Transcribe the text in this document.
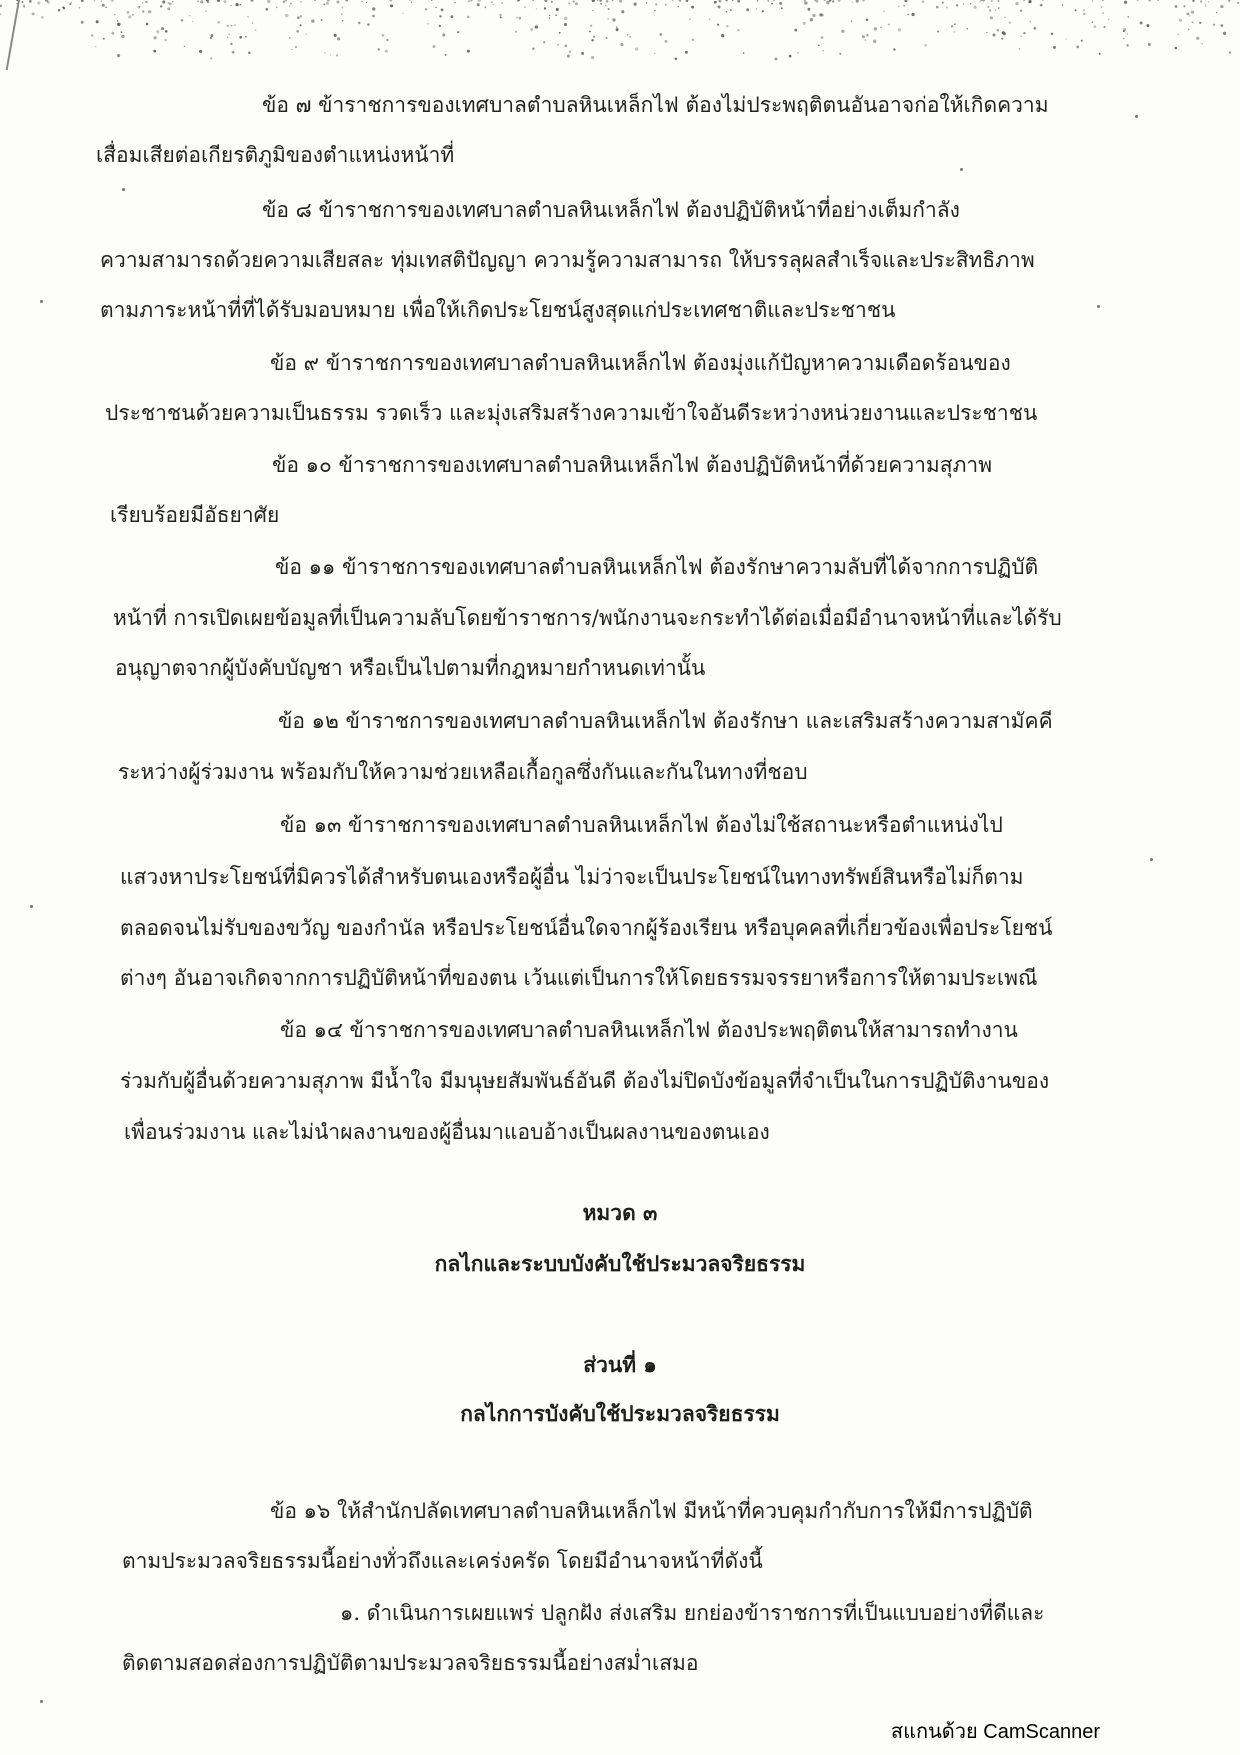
ข้อ ๗ ข้าราชการของเทศบาลตำบลหินเหล็กไฟ ต้องไม่ประพฤติตนอันอาจก่อให้เกิดความ
เสื่อมเสียต่อเกียรติภูมิของตำแหน่งหน้าที่
ข้อ ๘ ข้าราชการของเทศบาลตำบลหินเหล็กไฟ ต้องปฏิบัติหน้าที่อย่างเต็มกำลัง
ความสามารถด้วยความเสียสละ ทุ่มเทสติปัญญา ความรู้ความสามารถ ให้บรรลุผลสำเร็จและประสิทธิภาพ
ตามภาระหน้าที่ที่ได้รับมอบหมาย เพื่อให้เกิดประโยชน์สูงสุดแก่ประเทศชาติและประชาชน
ข้อ ๙ ข้าราชการของเทศบาลตำบลหินเหล็กไฟ ต้องมุ่งแก้ปัญหาความเดือดร้อนของ
ประชาชนด้วยความเป็นธรรม รวดเร็ว และมุ่งเสริมสร้างความเข้าใจอันดีระหว่างหน่วยงานและประชาชน
ข้อ ๑๐ ข้าราชการของเทศบาลตำบลหินเหล็กไฟ ต้องปฏิบัติหน้าที่ด้วยความสุภาพ
เรียบร้อยมีอัธยาศัย
ข้อ ๑๑ ข้าราชการของเทศบาลตำบลหินเหล็กไฟ ต้องรักษาความลับที่ได้จากการปฏิบัติ
หน้าที่ การเปิดเผยข้อมูลที่เป็นความลับโดยข้าราชการ/พนักงานจะกระทำได้ต่อเมื่อมีอำนาจหน้าที่และได้รับ
อนุญาตจากผู้บังคับบัญชา หรือเป็นไปตามที่กฎหมายกำหนดเท่านั้น
ข้อ ๑๒ ข้าราชการของเทศบาลตำบลหินเหล็กไฟ ต้องรักษา และเสริมสร้างความสามัคคี
ระหว่างผู้ร่วมงาน พร้อมกับให้ความช่วยเหลือเกื้อกูลซึ่งกันและกันในทางที่ชอบ
ข้อ ๑๓ ข้าราชการของเทศบาลตำบลหินเหล็กไฟ ต้องไม่ใช้สถานะหรือตำแหน่งไป
แสวงหาประโยชน์ที่มิควรได้สำหรับตนเองหรือผู้อื่น ไม่ว่าจะเป็นประโยชน์ในทางทรัพย์สินหรือไม่ก็ตาม
ตลอดจนไม่รับของขวัญ ของกำนัล หรือประโยชน์อื่นใดจากผู้ร้องเรียน หรือบุคคลที่เกี่ยวข้องเพื่อประโยชน์
ต่างๆ อันอาจเกิดจากการปฏิบัติหน้าที่ของตน เว้นแต่เป็นการให้โดยธรรมจรรยาหรือการให้ตามประเพณี
ข้อ ๑๔ ข้าราชการของเทศบาลตำบลหินเหล็กไฟ ต้องประพฤติตนให้สามารถทำงาน
ร่วมกับผู้อื่นด้วยความสุภาพ มีน้ำใจ มีมนุษยสัมพันธ์อันดี ต้องไม่ปิดบังข้อมูลที่จำเป็นในการปฏิบัติงานของ
เพื่อนร่วมงาน และไม่นำผลงานของผู้อื่นมาแอบอ้างเป็นผลงานของตนเอง
หมวด ๓
กลไกและระบบบังคับใช้ประมวลจริยธรรม
ส่วนที่ ๑
กลไกการบังคับใช้ประมวลจริยธรรม
ข้อ ๑๖ ให้สำนักปลัดเทศบาลตำบลหินเหล็กไฟ มีหน้าที่ควบคุมกำกับการให้มีการปฏิบัติ
ตามประมวลจริยธรรมนี้อย่างทั่วถึงและเคร่งครัด โดยมีอำนาจหน้าที่ดังนี้
๑. ดำเนินการเผยแพร่ ปลูกฝัง ส่งเสริม ยกย่องข้าราชการที่เป็นแบบอย่างที่ดีและ
ติดตามสอดส่องการปฏิบัติตามประมวลจริยธรรมนี้อย่างสม่ำเสมอ
สแกนด้วย CamScanner
